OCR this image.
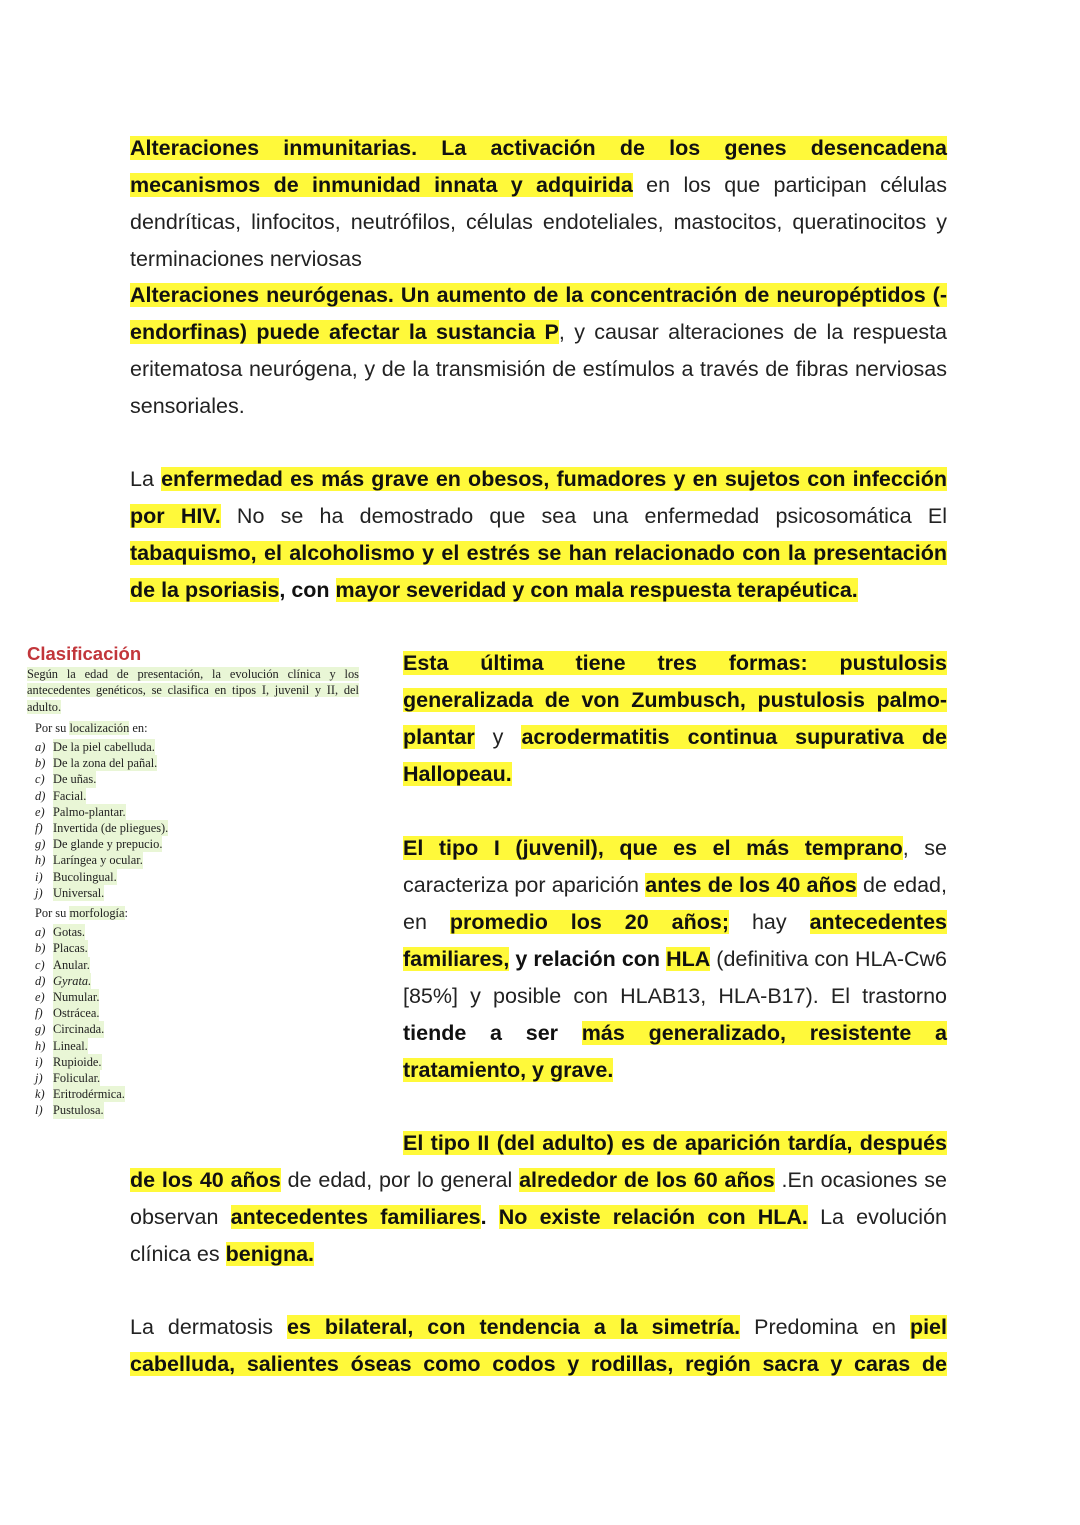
Alteraciones inmunitarias. La activación de los genes desencadena mecanismos de inmunidad innata y adquirida en los que participan células dendríticas, linfocitos, neutrófilos, células endoteliales, mastocitos, queratinocitos y terminaciones nerviosas

Alteraciones neurógenas. Un aumento de la concentración de neuropéptidos (-endorfinas) puede afectar la sustancia P, y causar alteraciones de la respuesta eritematosa neurógena, y de la transmisión de estímulos a través de fibras nerviosas sensoriales.

La enfermedad es más grave en obesos, fumadores y en sujetos con infección por HIV. No se ha demostrado que sea una enfermedad psicosomática El tabaquismo, el alcoholismo y el estrés se han relacionado con la presentación de la psoriasis, con mayor severidad y con mala respuesta terapéutica.

Clasificación

Según la edad de presentación, la evolución clínica y los antecedentes genéticos, se clasifica en tipos I, juvenil y II, del adulto.

Por su localización en:
a) De la piel cabelluda.
b) De la zona del pañal.
c) De uñas.
d) Facial.
e) Palmo-plantar.
f) Invertida (de pliegues).
g) De glande y prepucio.
h) Laríngea y ocular.
i) Bucolingual.
j) Universal.
Por su morfología:
a) Gotas.
b) Placas.
c) Anular.
d) Gyrata.
e) Numular.
f) Ostrácea.
g) Circinada.
h) Lineal.
i) Rupioide.
j) Folicular.
k) Eritrodérmica.
l) Pustulosa.

Esta última tiene tres formas: pustulosis generalizada de von Zumbusch, pustulosis palmo-plantar y acrodermatitis continua supurativa de Hallopeau.

El tipo I (juvenil), que es el más temprano, se caracteriza por aparición antes de los 40 años de edad, en promedio los 20 años; hay antecedentes familiares, y relación con HLA (definitiva con HLA-Cw6 [85%] y posible con HLAB13, HLA-B17). El trastorno tiende a ser más generalizado, resistente a tratamiento, y grave.

El tipo II (del adulto) es de aparición tardía, después de los 40 años de edad, por lo general alrededor de los 60 años .En ocasiones se observan antecedentes familiares. No existe relación con HLA. La evolución clínica es benigna.

La dermatosis es bilateral, con tendencia a la simetría. Predomina en piel cabelluda, salientes óseas como codos y rodillas, región sacra y caras de
